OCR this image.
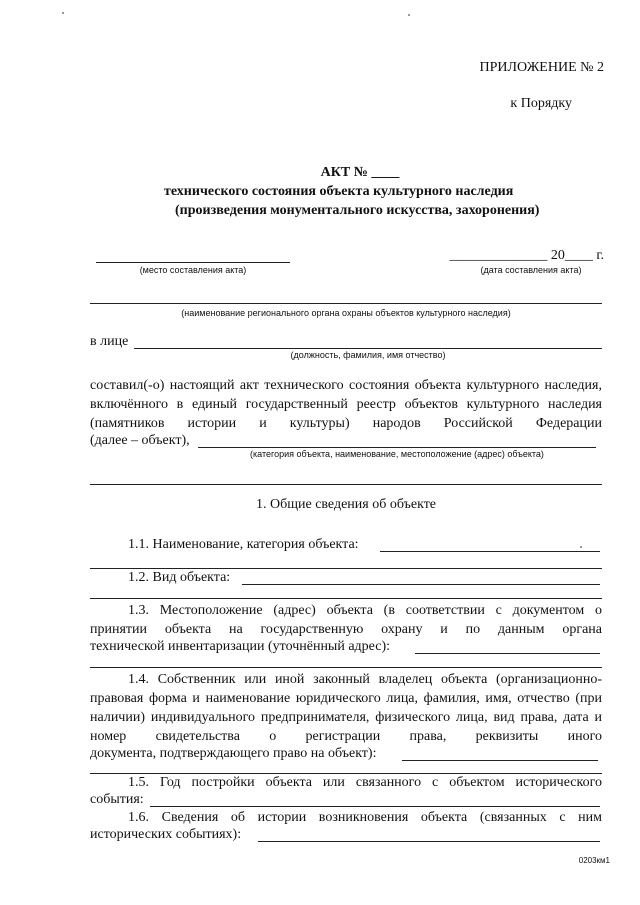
ПРИЛОЖЕНИЕ № 2
к Порядку
АКТ № ____
технического состояния объекта культурного наследия
(произведения монументального искусства, захоронения)
(место составления акта)
______________ 20____ г.
(дата составления акта)
(наименование регионального органа охраны объектов культурного наследия)
в лице
(должность, фамилия, имя отчество)
составил(-о) настоящий акт технического состояния объекта культурного наследия, включённого в единый государственный реестр объектов культурного наследия (памятников истории и культуры) народов Российской Федерации
(далее – объект),
(категория объекта, наименование, местоположение (адрес) объекта)
1. Общие сведения об объекте
1.1. Наименование, категория объекта:
1.2. Вид объекта:
1.3. Местоположение (адрес) объекта (в соответствии с документом о принятии объекта на государственную охрану и по данным органа
технической инвентаризации (уточнённый адрес):
1.4. Собственник или иной законный владелец объекта (организационно-правовая форма и наименование юридического лица, фамилия, имя, отчество (при наличии) индивидуального предпринимателя, физического лица, вид права, дата и номер свидетельства о регистрации права, реквизиты иного
документа, подтверждающего право на объект):
1.5. Год постройки объекта или связанного с объектом исторического
события:
1.6. Сведения об истории возникновения объекта (связанных с ним
исторических событиях):
0203км1
